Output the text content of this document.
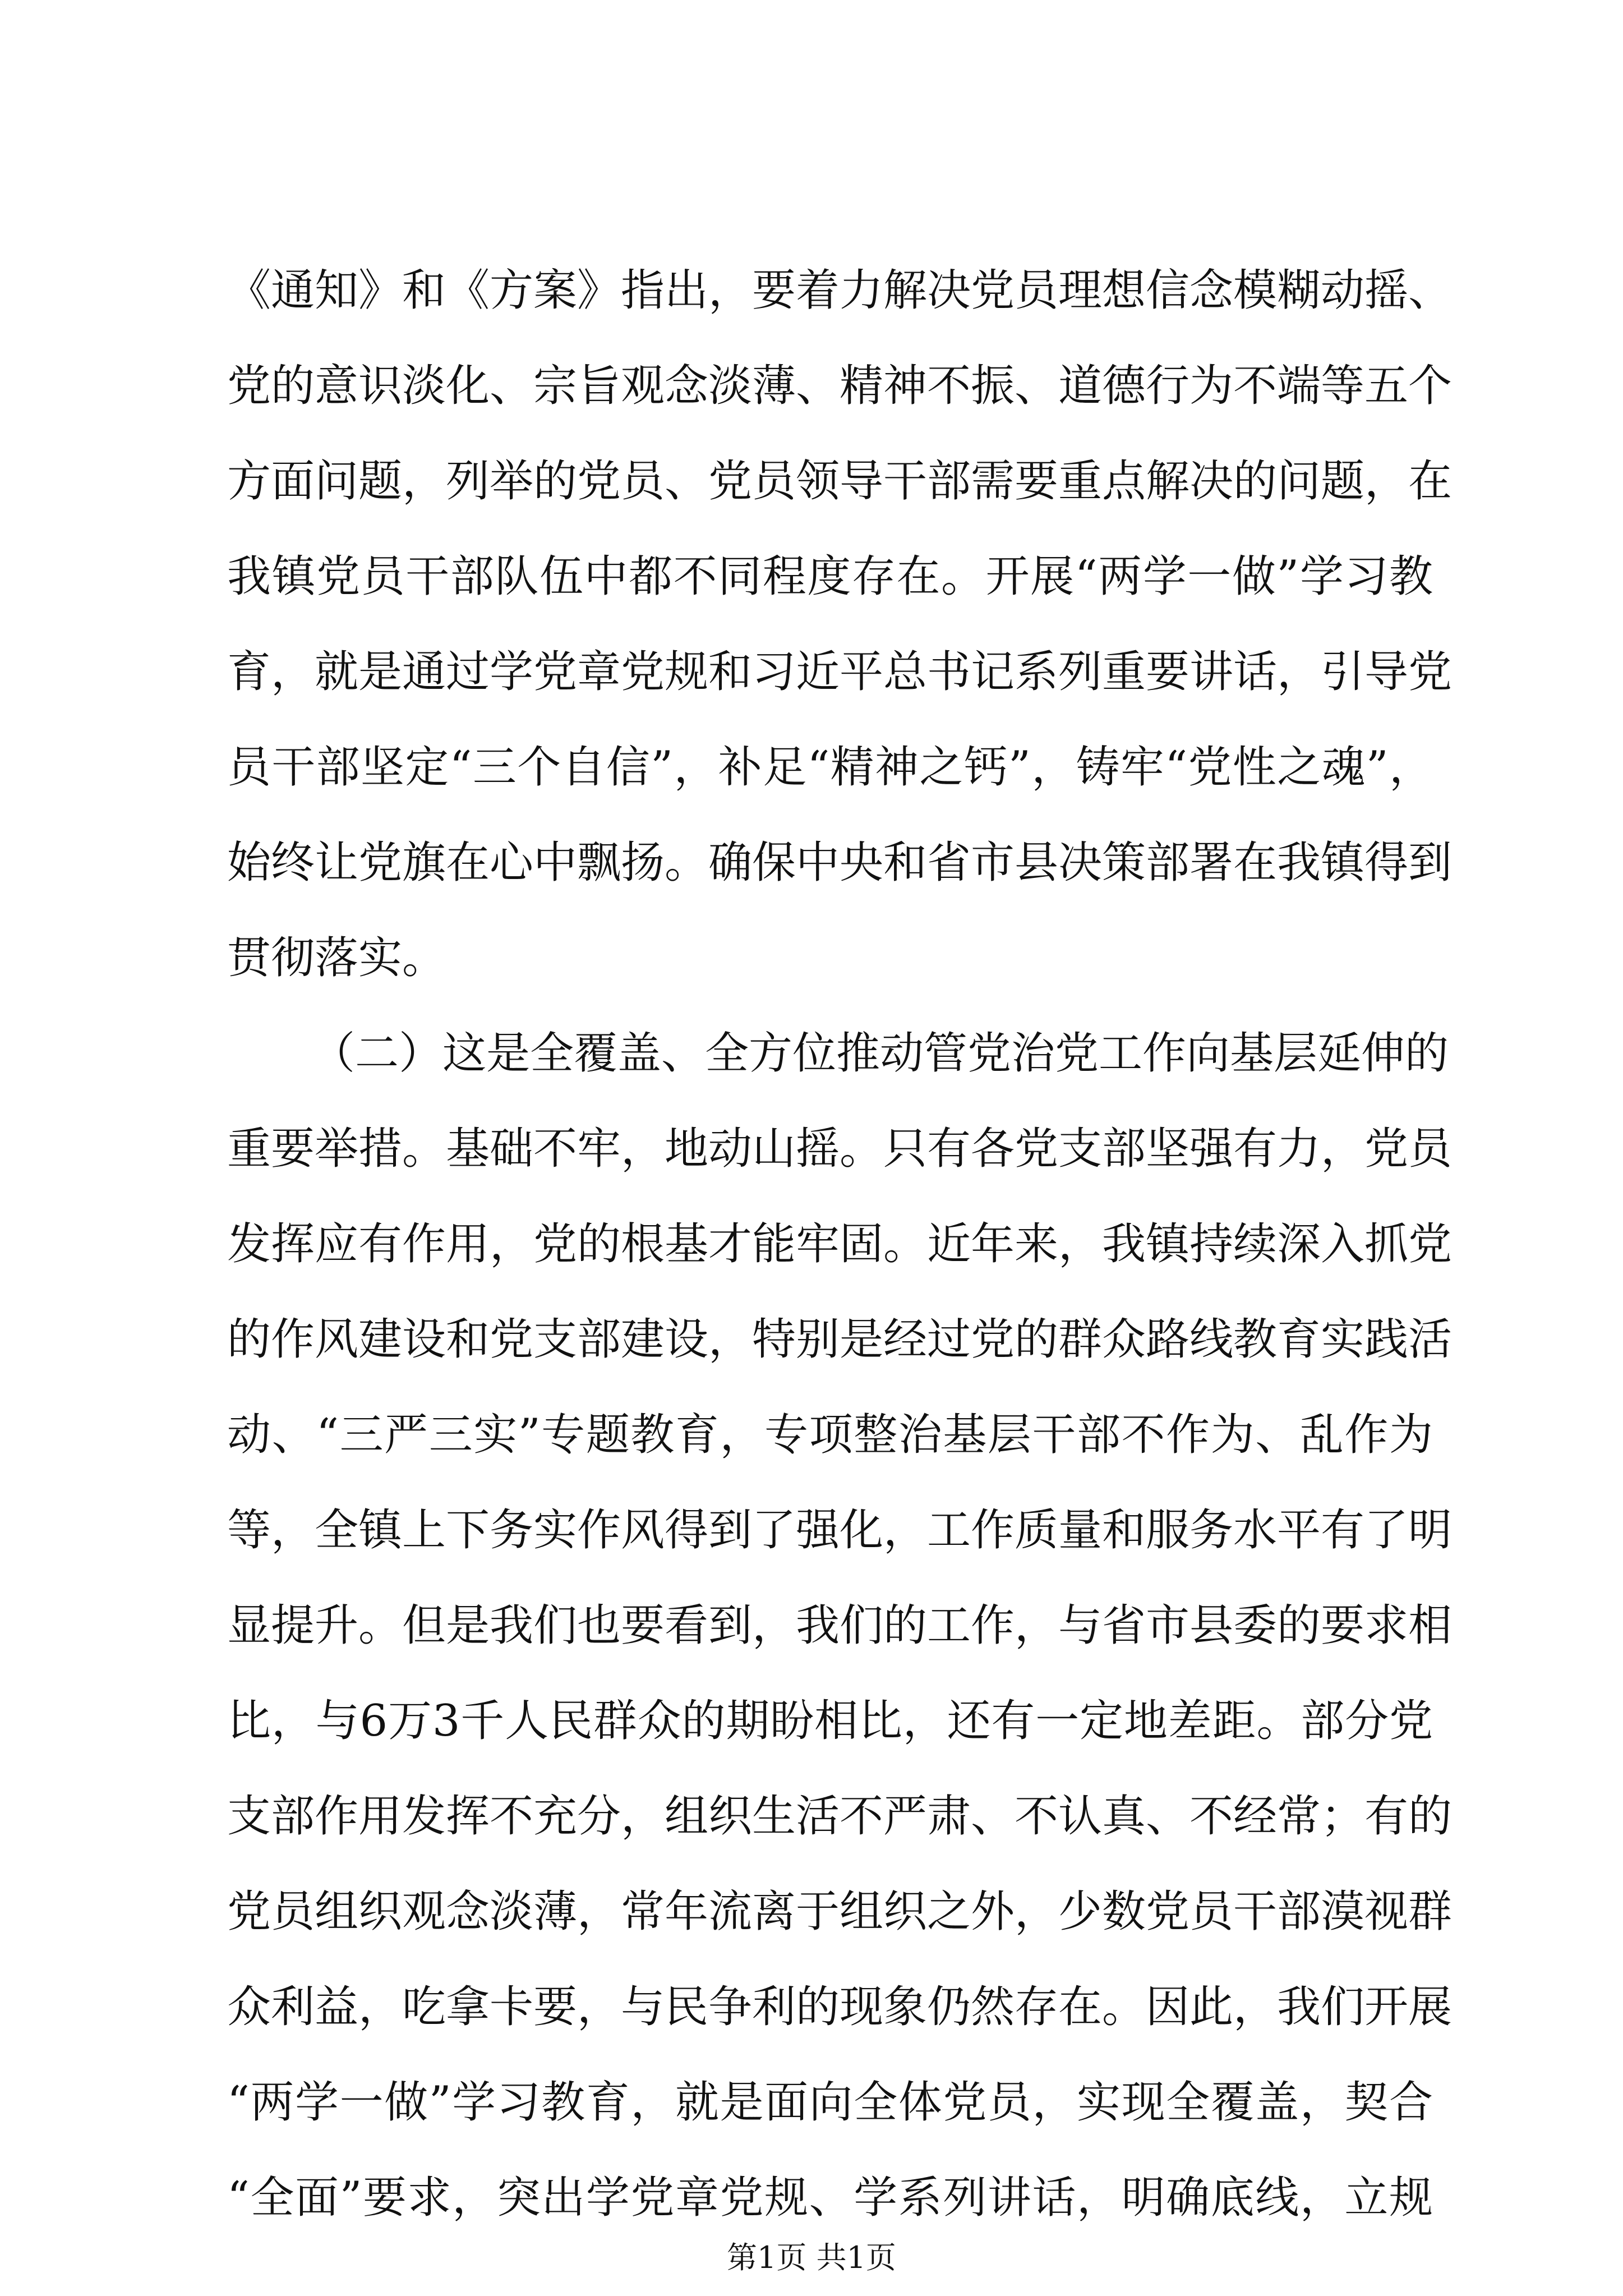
《通知》和《方案》指出，要着力解决党员理想信念模糊动摇、
党的意识淡化、宗旨观念淡薄、精神不振、道德行为不端等五个
方面问题，列举的党员、党员领导干部需要重点解决的问题，在
我镇党员干部队伍中都不同程度存在。开展“两学一做”学习教
育，就是通过学党章党规和习近平总书记系列重要讲话，引导党
员干部坚定“三个自信”，补足“精神之钙”，铸牢“党性之魂”，
始终让党旗在心中飘扬。确保中央和省市县决策部署在我镇得到
贯彻落实。
（二）这是全覆盖、全方位推动管党治党工作向基层延伸的
重要举措。基础不牢，地动山摇。只有各党支部坚强有力，党员
发挥应有作用，党的根基才能牢固。近年来，我镇持续深入抓党
的作风建设和党支部建设，特别是经过党的群众路线教育实践活
动、“三严三实”专题教育，专项整治基层干部不作为、乱作为
等，全镇上下务实作风得到了强化，工作质量和服务水平有了明
显提升。但是我们也要看到，我们的工作，与省市县委的要求相
比，与6万3千人民群众的期盼相比，还有一定地差距。部分党
支部作用发挥不充分，组织生活不严肃、不认真、不经常；有的
党员组织观念淡薄，常年流离于组织之外，少数党员干部漠视群
众利益，吃拿卡要，与民争利的现象仍然存在。因此，我们开展
“两学一做”学习教育，就是面向全体党员，实现全覆盖，契合
“全面”要求，突出学党章党规、学系列讲话，明确底线，立规
第1页 共1页
